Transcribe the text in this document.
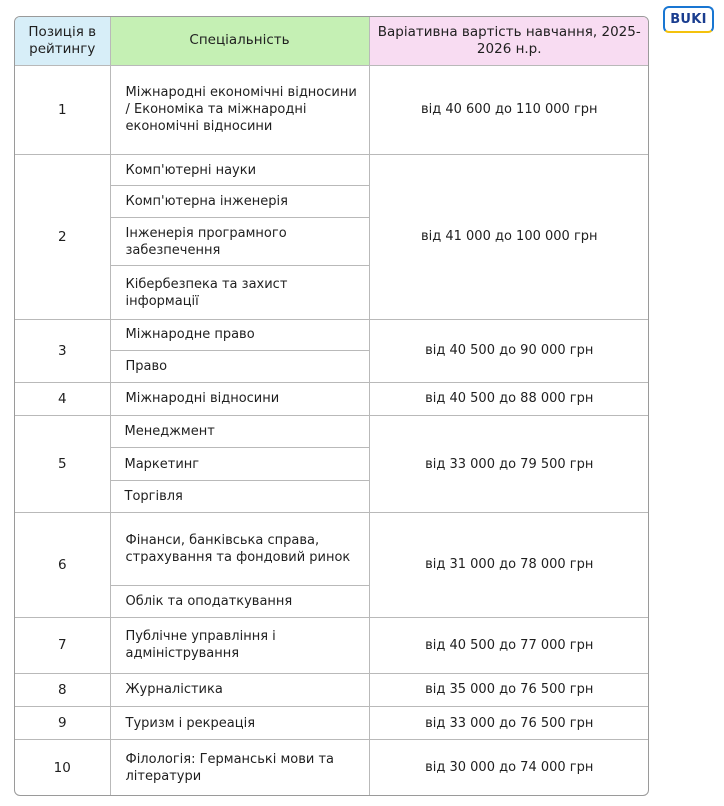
BUKI
Позиція в рейтингу	Спеціальність	Варіативна вартість навчання, 2025-2026 н.р.
1	Міжнародні економічні відносини / Економіка та міжнародні економічні відносини	від 40 600 до 110 000 грн
2	Комп'ютерні науки	від 41 000 до 100 000 грн
	Комп'ютерна інженерія	
	Інженерія програмного забезпечення	
	Кібербезпека та захист інформації	
3	Міжнародне право	від 40 500 до 90 000 грн
	Право	
4	Міжнародні відносини	від 40 500 до 88 000 грн
5	Менеджмент	від 33 000 до 79 500 грн
	Маркетинг	
	Торгівля	
6	Фінанси, банківська справа, страхування та фондовий ринок	від 31 000 до 78 000 грн
	Облік та оподаткування	
7	Публічне управління і адміністрування	від 40 500 до 77 000 грн
8	Журналістика	від 35 000 до 76 500 грн
9	Туризм і рекреація	від 33 000 до 76 500 грн
10	Філологія: Германські мови та літератури	від 30 000 до 74 000 грн
